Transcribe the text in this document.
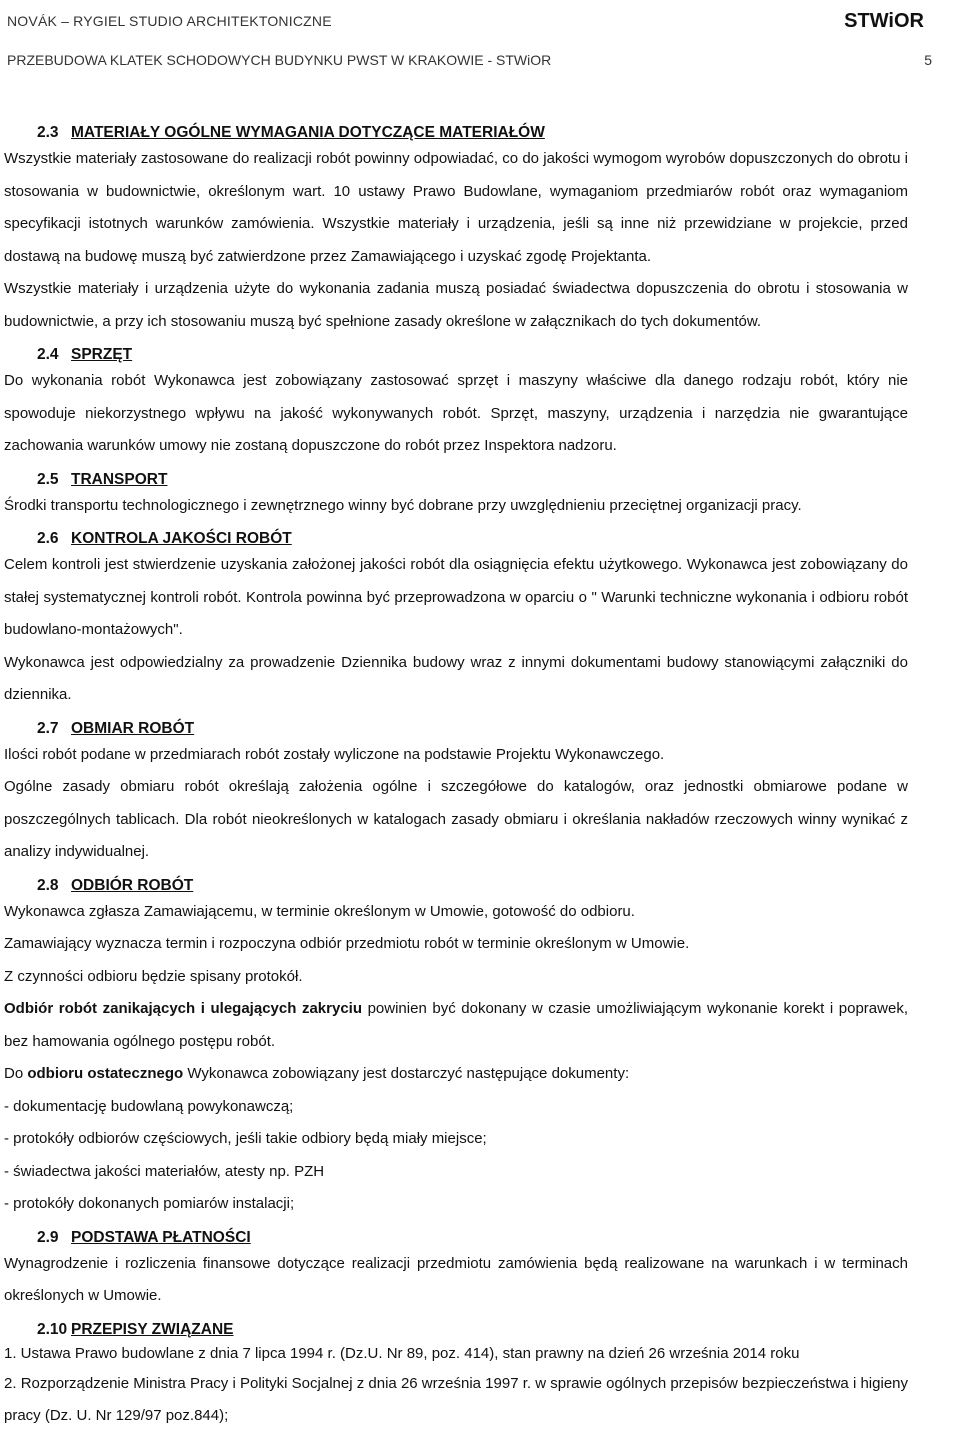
NOVÁK – RYGIEL STUDIO ARCHITEKTONICZNE	STWiOR
PRZEBUDOWA KLATEK SCHODOWYCH BUDYNKU PWST W KRAKOWIE - STWiOR	5
2.3 MATERIAŁY OGÓLNE WYMAGANIA DOTYCZĄCE MATERIAŁÓW

Wszystkie materiały zastosowane do realizacji robót powinny odpowiadać, co do jakości wymogom wyrobów dopuszczonych do obrotu i stosowania w budownictwie, określonym wart. 10 ustawy Prawo Budowlane, wymaganiom przedmiarów robót oraz wymaganiom specyfikacji istotnych warunków zamówienia. Wszystkie materiały i urządzenia, jeśli są inne niż przewidziane w projekcie, przed dostawą na budowę muszą być zatwierdzone przez Zamawiającego i uzyskać zgodę Projektanta.

Wszystkie materiały i urządzenia użyte do wykonania zadania muszą posiadać świadectwa dopuszczenia do obrotu i stosowania w budownictwie, a przy ich stosowaniu muszą być spełnione zasady określone w załącznikach do tych dokumentów.

2.4 SPRZĘT

Do wykonania robót Wykonawca jest zobowiązany zastosować sprzęt i maszyny właściwe dla danego rodzaju robót, który nie spowoduje niekorzystnego wpływu na jakość wykonywanych robót. Sprzęt, maszyny, urządzenia i narzędzia nie gwarantujące zachowania warunków umowy nie zostaną dopuszczone do robót przez Inspektora nadzoru.

2.5 TRANSPORT

Środki transportu technologicznego i zewnętrznego winny być dobrane przy uwzględnieniu przeciętnej organizacji pracy.

2.6 KONTROLA JAKOŚCI ROBÓT

Celem kontroli jest stwierdzenie uzyskania założonej jakości robót dla osiągnięcia efektu użytkowego. Wykonawca jest zobowiązany do stałej systematycznej kontroli robót. Kontrola powinna być przeprowadzona w oparciu o " Warunki techniczne wykonania i odbioru robót budowlano-montażowych".

Wykonawca jest odpowiedzialny za prowadzenie Dziennika budowy wraz z innymi dokumentami budowy stanowiącymi załączniki do dziennika.

2.7 OBMIAR ROBÓT

Ilości robót podane w przedmiarach robót zostały wyliczone na podstawie Projektu Wykonawczego.

Ogólne zasady obmiaru robót określają założenia ogólne i szczegółowe do katalogów, oraz jednostki obmiarowe podane w poszczególnych tablicach. Dla robót nieokreślonych w katalogach zasady obmiaru i określania nakładów rzeczowych winny wynikać z analizy indywidualnej.

2.8 ODBIÓR ROBÓT

Wykonawca zgłasza Zamawiającemu, w terminie określonym w Umowie, gotowość do odbioru.

Zamawiający wyznacza termin i rozpoczyna odbiór przedmiotu robót w terminie określonym w Umowie.

Z czynności odbioru będzie spisany protokół.

Odbiór robót zanikających i ulegających zakryciu powinien być dokonany w czasie umożliwiającym wykonanie korekt i poprawek, bez hamowania ogólnego postępu robót.

Do odbioru ostatecznego Wykonawca zobowiązany jest dostarczyć następujące dokumenty:

- dokumentację budowlaną powykonawczą;

- protokóły odbiorów częściowych, jeśli takie odbiory będą miały miejsce;

- świadectwa jakości materiałów, atesty np. PZH

- protokóły dokonanych pomiarów instalacji;

2.9 PODSTAWA PŁATNOŚCI

Wynagrodzenie i rozliczenia finansowe dotyczące realizacji przedmiotu zamówienia będą realizowane na warunkach i w terminach określonych w Umowie.

2.10 PRZEPISY ZWIĄZANE

1. Ustawa Prawo budowlane z dnia 7 lipca 1994 r. (Dz.U. Nr 89, poz. 414), stan prawny na dzień 26 września 2014 roku

2. Rozporządzenie Ministra Pracy i Polityki Socjalnej z dnia 26 września 1997 r. w sprawie ogólnych przepisów bezpieczeństwa i higieny pracy (Dz. U. Nr 129/97 poz.844);
